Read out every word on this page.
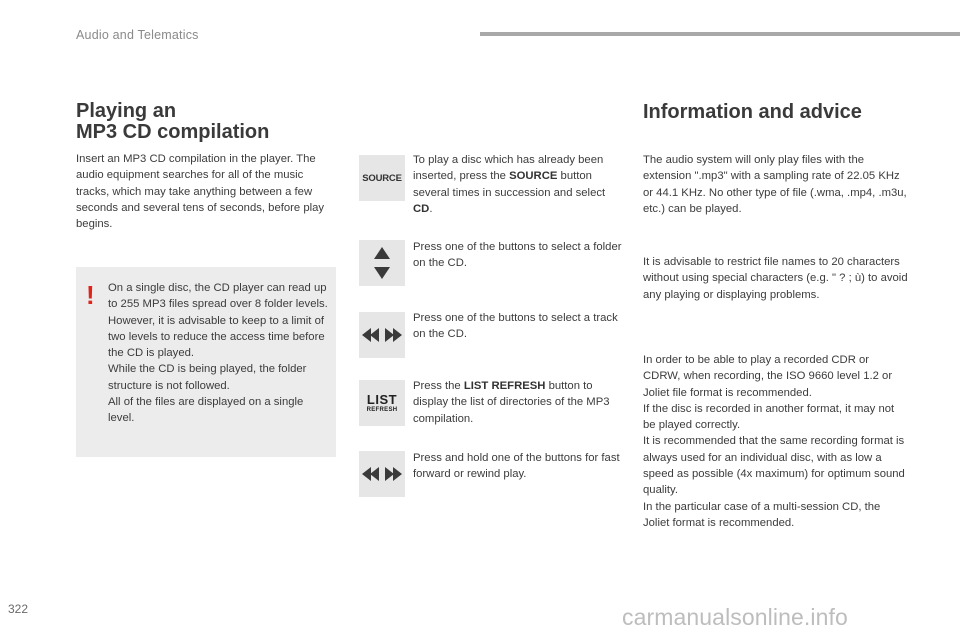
Audio and Telematics
Playing an
MP3 CD compilation
Insert an MP3 CD compilation in the player. The audio equipment searches for all of the music tracks, which may take anything between a few seconds and several tens of seconds, before play begins.
! On a single disc, the CD player can read up to 255 MP3 files spread over 8 folder levels. However, it is advisable to keep to a limit of two levels to reduce the access time before the CD is played.
While the CD is being played, the folder structure is not followed.
All of the files are displayed on a single level.
SOURCE
To play a disc which has already been inserted, press the SOURCE button several times in succession and select CD.
Press one of the buttons to select a folder on the CD.
Press one of the buttons to select a track on the CD.
LIST
REFRESH
Press the LIST REFRESH button to display the list of directories of the MP3 compilation.
Press and hold one of the buttons for fast forward or rewind play.
Information and advice
The audio system will only play files with the extension ".mp3" with a sampling rate of 22.05 KHz or 44.1 KHz. No other type of file (.wma, .mp4, .m3u, etc.) can be played.
It is advisable to restrict file names to 20 characters without using special characters (e.g. " ? ; ù) to avoid any playing or displaying problems.
In order to be able to play a recorded CDR or CDRW, when recording, the ISO 9660 level 1.2 or Joliet file format is recommended.
If the disc is recorded in another format, it may not be played correctly.
It is recommended that the same recording format is always used for an individual disc, with as low a speed as possible (4x maximum) for optimum sound quality.
In the particular case of a multi-session CD, the Joliet format is recommended.
322	carmanualsonline.info
